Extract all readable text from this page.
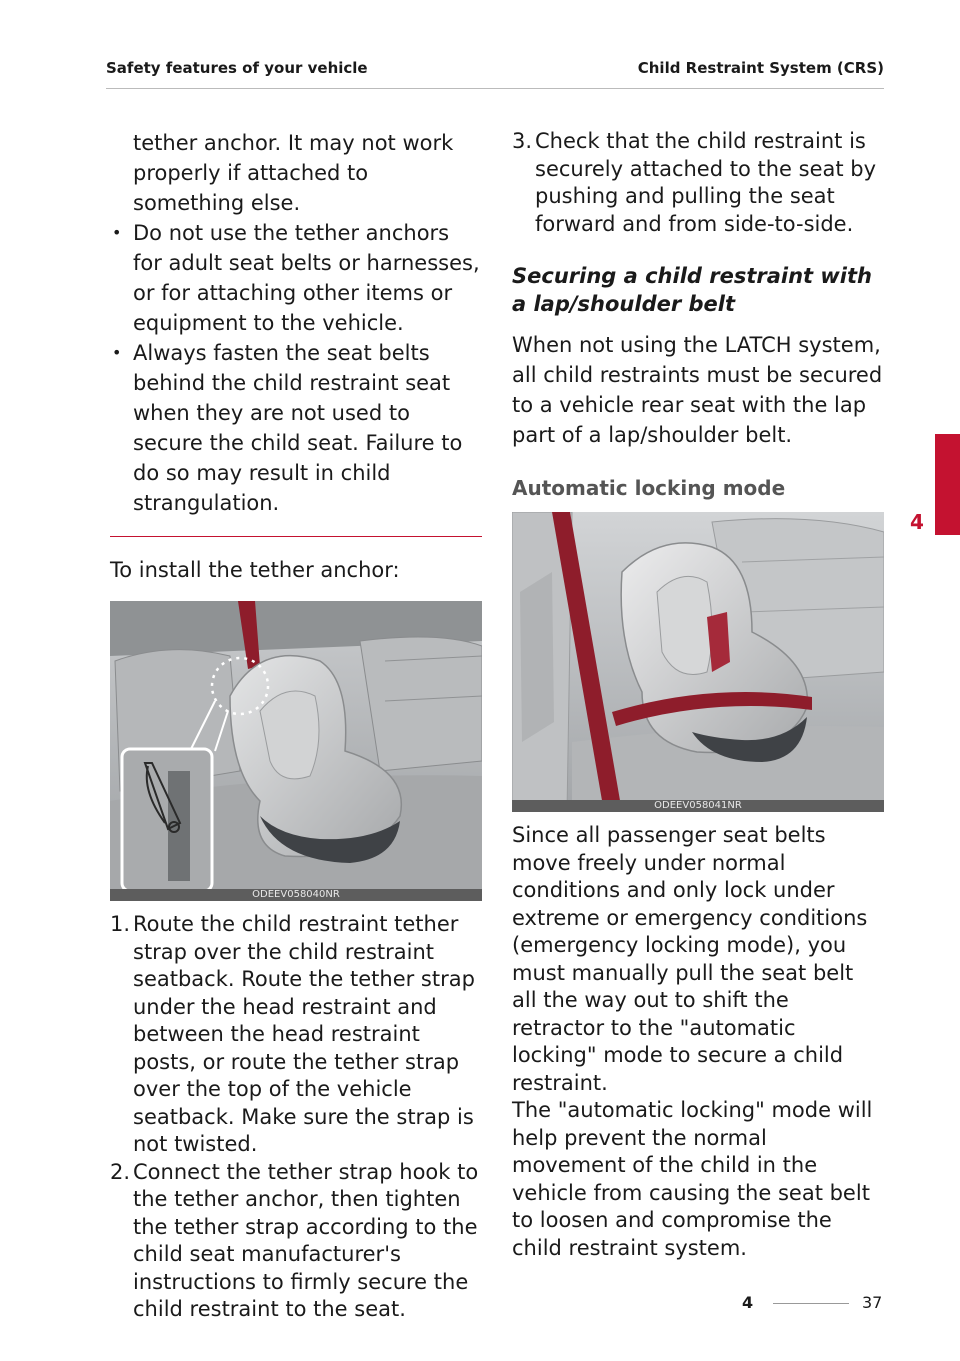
Safety features of your vehicle	Child Restraint System (CRS)
tether anchor. It may not work properly if attached to something else.
• Do not use the tether anchors for adult seat belts or harnesses, or for attaching other items or equipment to the vehicle.
• Always fasten the seat belts behind the child restraint seat when they are not used to secure the child seat. Failure to do so may result in child strangulation.
To install the tether anchor:
ODEEV058040NR
1. Route the child restraint tether strap over the child restraint seatback. Route the tether strap under the head restraint and between the head restraint posts, or route the tether strap over the top of the vehicle seatback. Make sure the strap is not twisted.
2. Connect the tether strap hook to the tether anchor, then tighten the tether strap according to the child seat manufacturer's instructions to firmly secure the child restraint to the seat.
3. Check that the child restraint is securely attached to the seat by pushing and pulling the seat forward and from side-to-side.
Securing a child restraint with a lap/shoulder belt
When not using the LATCH system, all child restraints must be secured to a vehicle rear seat with the lap part of a lap/shoulder belt.
Automatic locking mode
ODEEV058041NR

Since all passenger seat belts move freely under normal conditions and only lock under extreme or emergency conditions (emergency locking mode), you must manually pull the seat belt all the way out to shift the retractor to the "automatic locking" mode to secure a child restraint.

The "automatic locking" mode will help prevent the normal movement of the child in the vehicle from causing the seat belt to loosen and compromise the child restraint system.

4
4	37
